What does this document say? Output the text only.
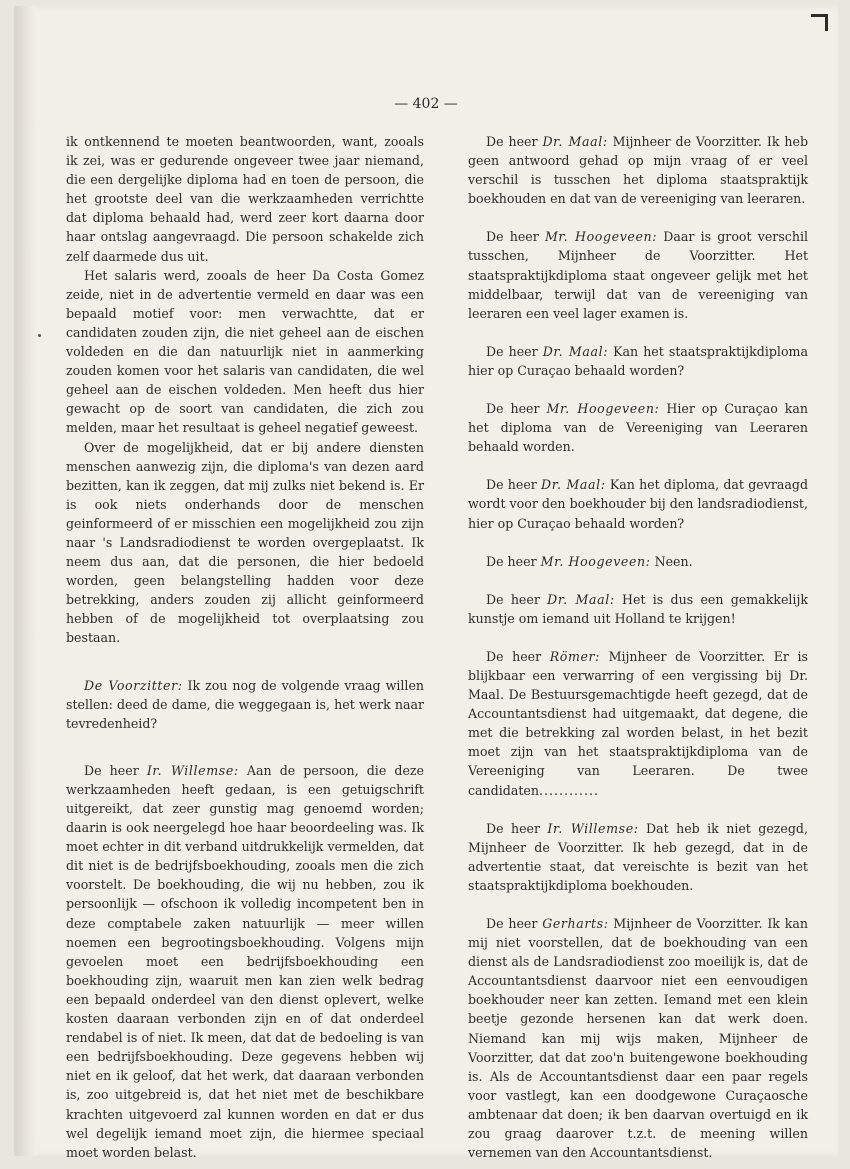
— 402 —

ik ontkennend te moeten beantwoorden, want, zooals ik zei, was er gedurende ongeveer twee jaar niemand, die een dergelijke diploma had en toen de persoon, die het grootste deel van die werkzaamheden verrichtte dat diploma behaald had, werd zeer kort daarna door haar ontslag aangevraagd. Die persoon schakelde zich zelf daarmede dus uit.

Het salaris werd, zooals de heer Da Costa Gomez zeide, niet in de advertentie vermeld en daar was een bepaald motief voor: men verwachtte, dat er candidaten zouden zijn, die niet geheel aan de eischen voldeden en die dan natuurlijk niet in aanmerking zouden komen voor het salaris van candidaten, die wel geheel aan de eischen voldeden. Men heeft dus hier gewacht op de soort van candidaten, die zich zou melden, maar het resultaat is geheel negatief geweest.

Over de mogelijkheid, dat er bij andere diensten menschen aanwezig zijn, die diploma's van dezen aard bezitten, kan ik zeggen, dat mij zulks niet bekend is. Er is ook niets onderhands door de menschen geinformeerd of er misschien een mogelijkheid zou zijn naar 's Landsradiodienst te worden overgeplaatst. Ik neem dus aan, dat die personen, die hier bedoeld worden, geen belangstelling hadden voor deze betrekking, anders zouden zij allicht geinformeerd hebben of de mogelijkheid tot overplaatsing zou bestaan.

De Voorzitter: Ik zou nog de volgende vraag willen stellen: deed de dame, die weggegaan is, het werk naar tevredenheid?

De heer Ir. Willemse: Aan de persoon, die deze werkzaamheden heeft gedaan, is een getuigschrift uitgereikt, dat zeer gunstig mag genoemd worden; daarin is ook neergelegd hoe haar beoordeeling was. Ik moet echter in dit verband uitdrukkelijk vermelden, dat dit niet is de bedrijfsboekhouding, zooals men die zich voorstelt. De boekhouding, die wij nu hebben, zou ik persoonlijk — ofschoon ik volledig incompetent ben in deze comptabele zaken natuurlijk — meer willen noemen een begrootingsboekhouding. Volgens mijn gevoelen moet een bedrijfsboekhouding een boekhouding zijn, waaruit men kan zien welk bedrag een bepaald onderdeel van den dienst oplevert, welke kosten daaraan verbonden zijn en of dat onderdeel rendabel is of niet. Ik meen, dat dat de bedoeling is van een bedrijfsboekhouding. Deze gegevens hebben wij niet en ik geloof, dat het werk, dat daaraan verbonden is, zoo uitgebreid is, dat het niet met de beschikbare krachten uitgevoerd zal kunnen worden en dat er dus wel degelijk iemand moet zijn, die hiermee speciaal moet worden belast.

De heer Dr. Maal: Mijnheer de Voorzitter. Ik heb geen antwoord gehad op mijn vraag of er veel verschil is tusschen het diploma staatspraktijk boekhouden en dat van de vereeniging van leeraren.

De heer Mr. Hoogeveen: Daar is groot verschil tusschen, Mijnheer de Voorzitter. Het staatspraktijkdiploma staat ongeveer gelijk met het middelbaar, terwijl dat van de vereeniging van leeraren een veel lager examen is.

De heer Dr. Maal: Kan het staatspraktijkdiploma hier op Curaçao behaald worden?

De heer Mr. Hoogeveen: Hier op Curaçao kan het diploma van de Vereeniging van Leeraren behaald worden.

De heer Dr. Maal: Kan het diploma, dat gevraagd wordt voor den boekhouder bij den landsradiodienst, hier op Curaçao behaald worden?

De heer Mr. Hoogeveen: Neen.

De heer Dr. Maal: Het is dus een gemakkelijk kunstje om iemand uit Holland te krijgen!

De heer Römer: Mijnheer de Voorzitter. Er is blijkbaar een verwarring of een vergissing bij Dr. Maal. De Bestuursgemachtigde heeft gezegd, dat de Accountantsdienst had uitgemaakt, dat degene, die met die betrekking zal worden belast, in het bezit moet zijn van het staatspraktijkdiploma van de Vereeniging van Leeraren. De twee candidaten............

De heer Ir. Willemse: Dat heb ik niet gezegd, Mijnheer de Voorzitter. Ik heb gezegd, dat in de advertentie staat, dat vereischte is bezit van het staatspraktijkdiploma boekhouden.

De heer Gerharts: Mijnheer de Voorzitter. Ik kan mij niet voorstellen, dat de boekhouding van een dienst als de Landsradiodienst zoo moeilijk is, dat de Accountantsdienst daarvoor niet een eenvoudigen boekhouder neer kan zetten. Iemand met een klein beetje gezonde hersenen kan dat werk doen. Niemand kan mij wijs maken, Mijnheer de Voorzitter, dat dat zoo'n buitengewone boekhouding is. Als de Accountantsdienst daar een paar regels voor vastlegt, kan een doodgewone Curaçaosche ambtenaar dat doen; ik ben daarvan overtuigd en ik zou graag daarover t.z.t. de meening willen vernemen van den Accountantsdienst.
